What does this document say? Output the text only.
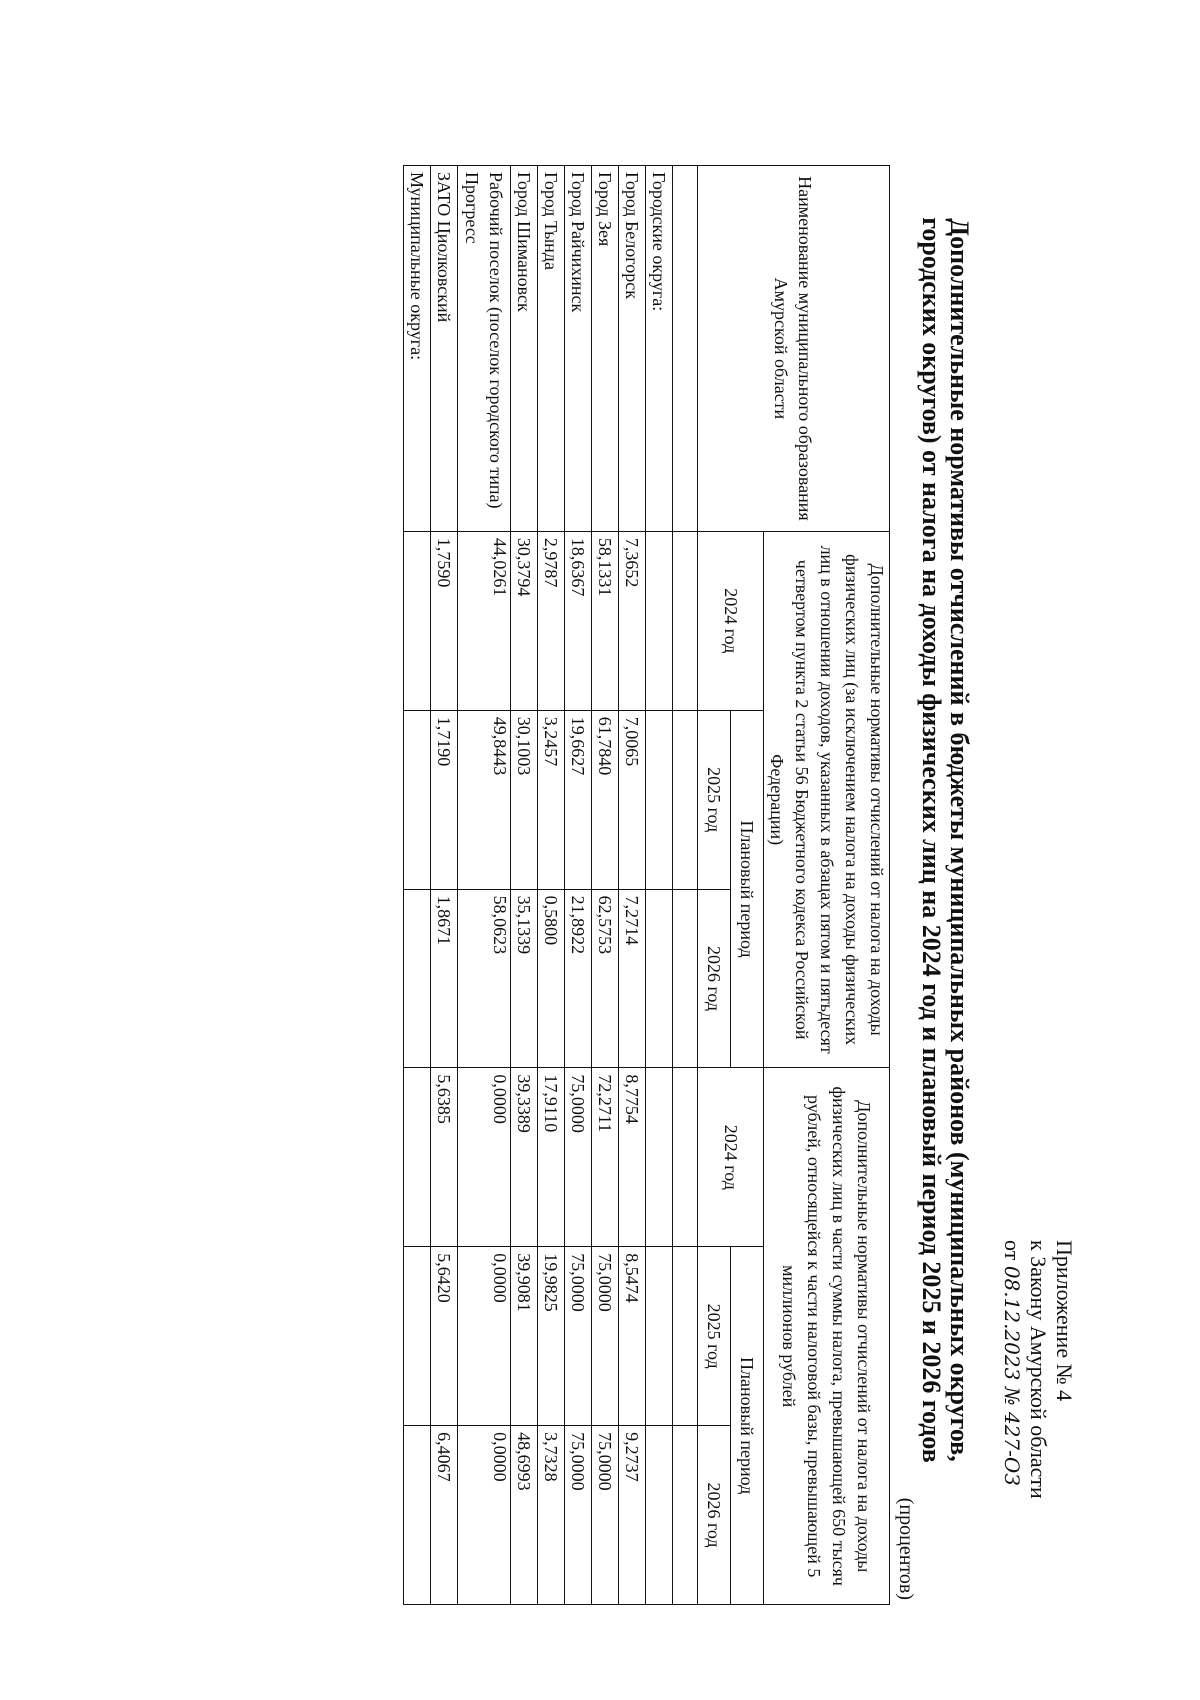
Приложение № 4
к Закону Амурской области
от 08.12.2023 № 427-ОЗ
Дополнительные нормативы отчислений в бюджеты муниципальных районов (муниципальных округов,
городских округов) от налога на доходы физических лиц на 2024 год и плановый период 2025 и 2026 годов
(процентов)
Наименование муниципального образования Амурской области	Дополнительные нормативы отчислений от налога на доходы физических лиц (за исключением налога на доходы физических лиц в отношении доходов, указанных в абзацах пятом и пятьдесят четвертом пункта 2 статьи 56 Бюджетного кодекса Российской Федерации)			Дополнительные нормативы отчислений от налога на доходы физических лиц в части суммы налога, превышающей 650 тысяч рублей, относящейся к части налоговой базы, превышающей 5 миллионов рублей		
	2024 год	Плановый период		2024 год	Плановый период	
		2025 год	2026 год		2025 год	2026 год

Городские округа:						
Город Белогорск	7,3652	7,0065	7,2714	8,7754	8,5474	9,2737
Город Зея	58,1331	61,7840	62,5753	72,2711	75,0000	75,0000
Город Райчихинск	18,6367	19,6627	21,8922	75,0000	75,0000	75,0000
Город Тында	2,9787	3,2457	0,5800	17,9110	19,9825	3,7328
Город Шимановск	30,3794	30,1003	35,1339	39,3389	39,9081	48,6993
Рабочий поселок (поселок городского типа) Прогресс	44,0261	49,8443	58,0623	0,0000	0,0000	0,0000
ЗАТО Циолковский	1,7590	1,7190	1,8671	5,6385	5,6420	6,4067
Муниципальные округа:						
